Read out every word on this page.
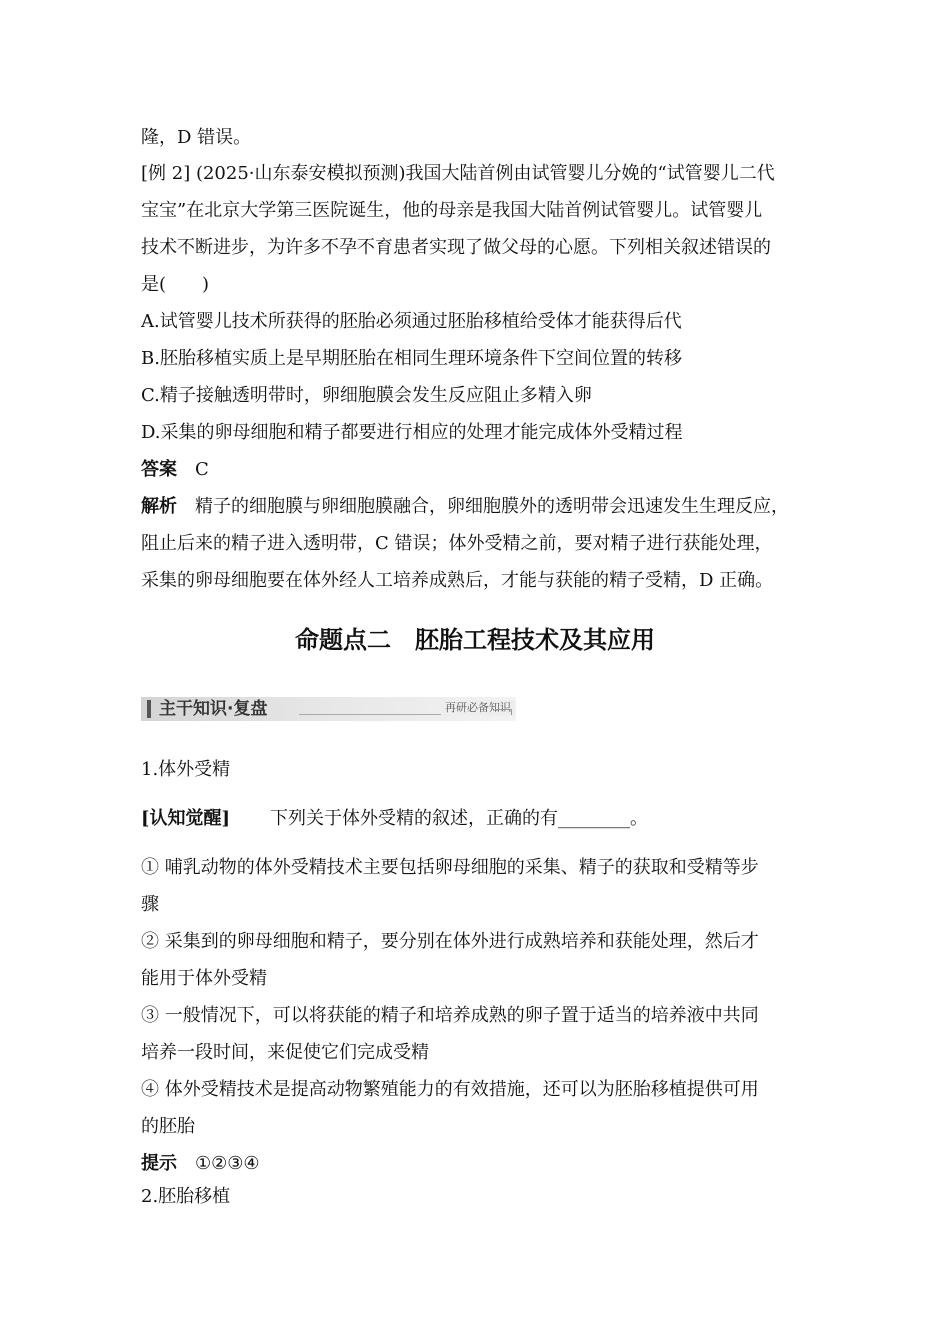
隆，D 错误。
[例 2] (2025·山东泰安模拟预测)我国大陆首例由试管婴儿分娩的“试管婴儿二代
宝宝”在北京大学第三医院诞生，他的母亲是我国大陆首例试管婴儿。试管婴儿
技术不断进步，为许多不孕不育患者实现了做父母的心愿。下列相关叙述错误的
是(　　)
A.试管婴儿技术所获得的胚胎必须通过胚胎移植给受体才能获得后代
B.胚胎移植实质上是早期胚胎在相同生理环境条件下空间位置的转移
C.精子接触透明带时，卵细胞膜会发生反应阻止多精入卵
D.采集的卵母细胞和精子都要进行相应的处理才能完成体外受精过程
答案 C
解析 精子的细胞膜与卵细胞膜融合，卵细胞膜外的透明带会迅速发生生理反应，
阻止后来的精子进入透明带，C 错误；体外受精之前，要对精子进行获能处理，
采集的卵母细胞要在体外经人工培养成熟后，才能与获能的精子受精，D 正确。
命题点二　胚胎工程技术及其应用
主干知识·复盘	再研必备知识
1.体外受精
[认知觉醒] 下列关于体外受精的叙述，正确的有________。
① 哺乳动物的体外受精技术主要包括卵母细胞的采集、精子的获取和受精等步
骤
② 采集到的卵母细胞和精子，要分别在体外进行成熟培养和获能处理，然后才
能用于体外受精
③ 一般情况下，可以将获能的精子和培养成熟的卵子置于适当的培养液中共同
培养一段时间，来促使它们完成受精
④ 体外受精技术是提高动物繁殖能力的有效措施，还可以为胚胎移植提供可用
的胚胎
提示 ①②③④
2.胚胎移植
